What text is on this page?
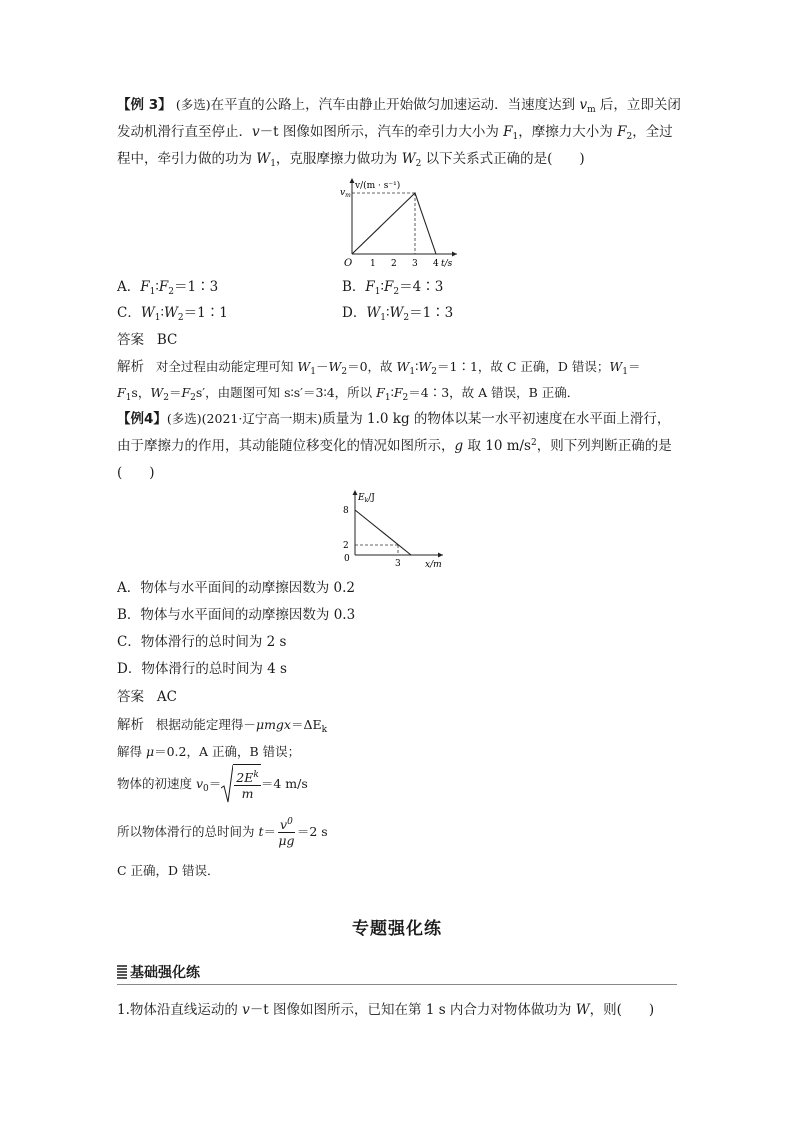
【例 3】 (多选)在平直的公路上，汽车由静止开始做匀加速运动．当速度达到 $v_m$ 后，立即关闭
发动机滑行直至停止．v－t 图像如图所示，汽车的牵引力大小为 $F_1$，摩擦力大小为 $F_2$，全过
程中，牵引力做的功为 $W_1$，克服摩擦力做功为 $W_2$ 以下关系式正确的是(　　)
v/(m · s⁻¹)
$v_m$
O 1 2 3 4 t/s
A．$F_1∶F_2=1∶3$	B．$F_1∶F_2=4∶3$
C．$W_1∶W_2=1∶1$	D．$W_1∶W_2=1∶3$
答案 BC
解析 对全过程由动能定理可知 $W_1-W_2=0$，故 $W_1∶W_2=1∶1$，故 C 正确，D 错误；$W_1=$
$F_1s$，$W_2=F_2s'$，由题图可知 s∶s′＝3∶4，所以 $F_1∶F_2=4∶3$，故 A 错误，B 正确．
【例4】(多选)(2021·辽宁高一期末)质量为 1.0 kg 的物体以某一水平初速度在水平面上滑行，
由于摩擦力的作用，其动能随位移变化的情况如图所示，g 取 10 $m/s^2$，则下列判断正确的是
(　　)
$E_k/J$
8
2
0	3	x/m
A．物体与水平面间的动摩擦因数为 0.2
B．物体与水平面间的动摩擦因数为 0.3
C．物体滑行的总时间为 2 s
D．物体滑行的总时间为 4 s
答案 AC
解析 根据动能定理得$-\mu mgx=\Delta E_k$
解得 μ＝0.2，A 正确，B 错误；
物体的初速度 $v_0= \frac{2E^k}{m} =4$ m/s
所以物体滑行的总时间为 $t= \frac{v^0}{\mu g} =2$ s
C 正确，D 错误．
专题强化练
基础强化练
1.物体沿直线运动的 v－t 图像如图所示，已知在第 1 s 内合力对物体做功为 W，则(　　)
